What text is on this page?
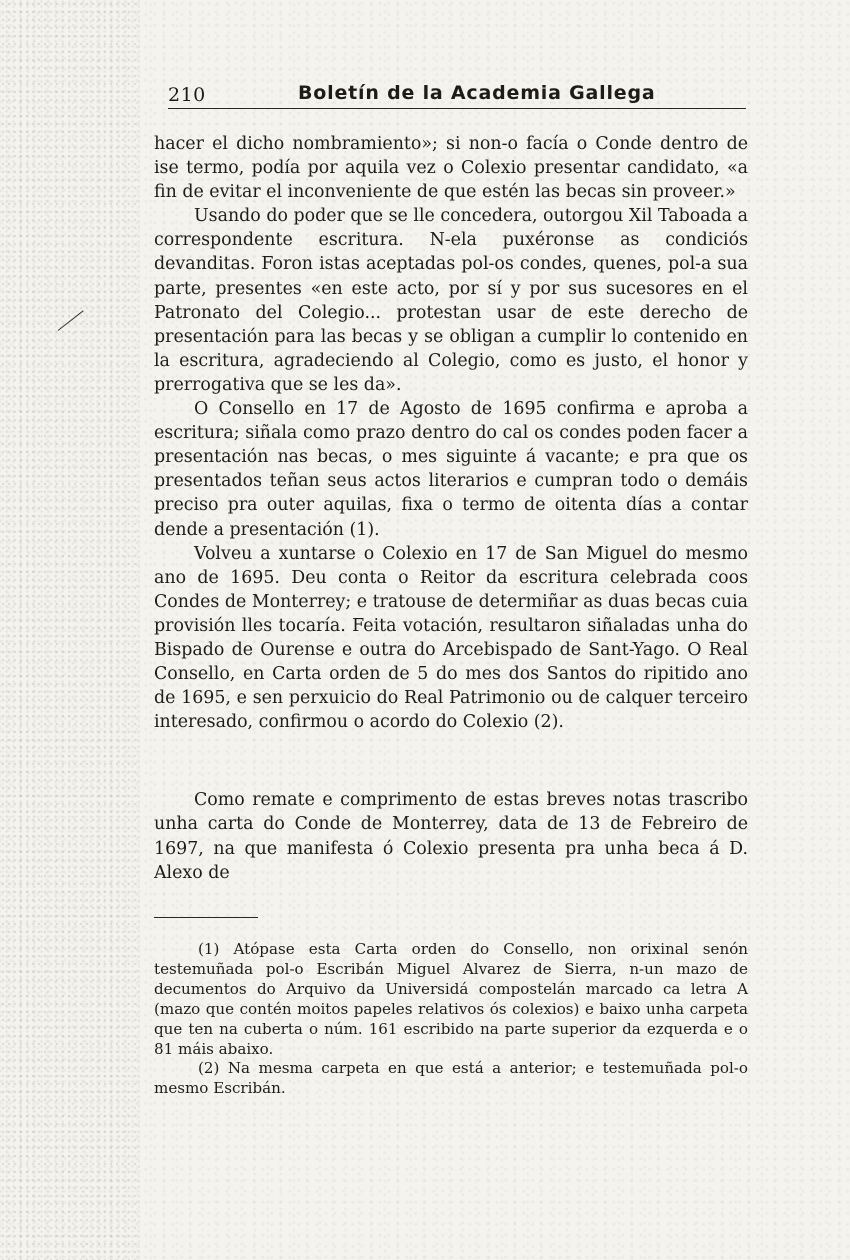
210	Boletín de la Academia Gallega

hacer el dicho nombramiento»; si non-o facía o Conde dentro de ise termo, podía por aquila vez o Colexio presentar candidato, «a fin de evitar el inconveniente de que estén las becas sin proveer.»

Usando do poder que se lle concedera, outorgou Xil Taboada a correspondente escritura. N-ela puxéronse as condiciós devanditas. Foron istas aceptadas pol-os condes, quenes, pol-a sua parte, presentes «en este acto, por sí y por sus sucesores en el Patronato del Colegio... protestan usar de este derecho de presentación para las becas y se obligan a cumplir lo contenido en la escritura, agradeciendo al Colegio, como es justo, el honor y prerrogativa que se les da».

O Consello en 17 de Agosto de 1695 confirma e aproba a escritura; siñala como prazo dentro do cal os condes poden facer a presentación nas becas, o mes siguinte á vacante; e pra que os presentados teñan seus actos literarios e cumpran todo o demáis preciso pra outer aquilas, fixa o termo de oitenta días a contar dende a presentación (1).

Volveu a xuntarse o Colexio en 17 de San Miguel do mesmo ano de 1695. Deu conta o Reitor da escritura celebrada coos Condes de Monterrey; e tratouse de determiñar as duas becas cuia provisión lles tocaría. Feita votación, resultaron siñaladas unha do Bispado de Ourense e outra do Arcebispado de Sant-Yago. O Real Consello, en Carta orden de 5 do mes dos Santos do ripitido ano de 1695, e sen perxuicio do Real Patrimonio ou de calquer terceiro interesado, confirmou o acordo do Colexio (2).

Como remate e comprimento de estas breves notas trascribo unha carta do Conde de Monterrey, data de 13 de Febreiro de 1697, na que manifesta ó Colexio presenta pra unha beca á D. Alexo de

(1) Atópase esta Carta orden do Consello, non orixinal senón testemuñada pol-o Escribán Miguel Alvarez de Sierra, n-un mazo de decumentos do Arquivo da Universidá compostelán marcado ca letra A (mazo que contén moitos papeles relativos ós colexios) e baixo unha carpeta que ten na cuberta o núm. 161 escribido na parte superior da ezquerda e o 81 máis abaixo.

(2) Na mesma carpeta en que está a anterior; e testemuñada pol-o mesmo Escribán.
